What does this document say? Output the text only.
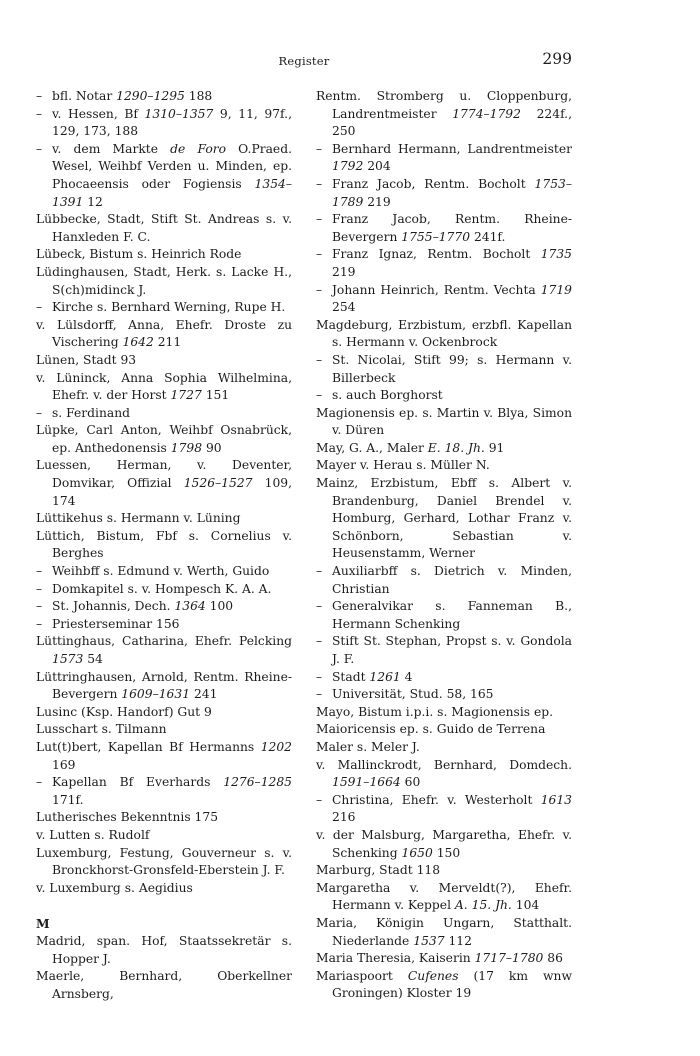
Register	299
– bfl. Notar 1290–1295 188
– v. Hessen, Bf 1310–1357 9, 11, 97f., 129, 173, 188
– v. dem Markte de Foro O.Praed. Wesel, Weihbf Verden u. Minden, ep. Phocaeensis oder Fogiensis 1354–1391 12
Lübbecke, Stadt, Stift St. Andreas s. v. Hanxleden F. C.
Lübeck, Bistum s. Heinrich Rode
Lüdinghausen, Stadt, Herk. s. Lacke H., S(ch)midinck J.
– Kirche s. Bernhard Werning, Rupe H.
v. Lülsdorff, Anna, Ehefr. Droste zu Vischering 1642 211
Lünen, Stadt 93
v. Lüninck, Anna Sophia Wilhelmina, Ehefr. v. der Horst 1727 151
– s. Ferdinand
Lüpke, Carl Anton, Weihbf Osnabrück, ep. Anthedonensis 1798 90
Luessen, Herman, v. Deventer, Domvikar, Offizial 1526–1527 109, 174
Lüttikehus s. Hermann v. Lüning
Lüttich, Bistum, Fbf s. Cornelius v. Berghes
– Weihbff s. Edmund v. Werth, Guido
– Domkapitel s. v. Hompesch K. A. A.
– St. Johannis, Dech. 1364 100
– Priesterseminar 156
Lüttinghaus, Catharina, Ehefr. Pelcking 1573 54
Lüttringhausen, Arnold, Rentm. Rheine-Bevergern 1609–1631 241
Lusinc (Ksp. Handorf) Gut 9
Lusschart s. Tilmann
Lut(t)bert, Kapellan Bf Hermanns 1202 169
– Kapellan Bf Everhards 1276–1285 171f.
Lutherisches Bekenntnis 175
v. Lutten s. Rudolf
Luxemburg, Festung, Gouverneur s. v. Bronckhorst-Gronsfeld-Eberstein J. F.
v. Luxemburg s. Aegidius
M
Madrid, span. Hof, Staatssekretär s. Hopper J.
Maerle, Bernhard, Oberkellner Arnsberg,
Rentm. Stromberg u. Cloppenburg, Landrentmeister 1774–1792 224f., 250
– Bernhard Hermann, Landrentmeister 1792 204
– Franz Jacob, Rentm. Bocholt 1753–1789 219
– Franz Jacob, Rentm. Rheine-Bevergern 1755–1770 241f.
– Franz Ignaz, Rentm. Bocholt 1735 219
– Johann Heinrich, Rentm. Vechta 1719 254
Magdeburg, Erzbistum, erzbfl. Kapellan s. Hermann v. Ockenbrock
– St. Nicolai, Stift 99; s. Hermann v. Billerbeck
– s. auch Borghorst
Magionensis ep. s. Martin v. Blya, Simon v. Düren
May, G. A., Maler E. 18. Jh. 91
Mayer v. Herau s. Müller N.
Mainz, Erzbistum, Ebff s. Albert v. Brandenburg, Daniel Brendel v. Homburg, Gerhard, Lothar Franz v. Schönborn, Sebastian v. Heusenstamm, Werner
– Auxiliarbff s. Dietrich v. Minden, Christian
– Generalvikar s. Fanneman B., Hermann Schenking
– Stift St. Stephan, Propst s. v. Gondola J. F.
– Stadt 1261 4
– Universität, Stud. 58, 165
Mayo, Bistum i.p.i. s. Magionensis ep.
Maioricensis ep. s. Guido de Terrena
Maler s. Meler J.
v. Mallinckrodt, Bernhard, Domdech. 1591–1664 60
– Christina, Ehefr. v. Westerholt 1613 216
v. der Malsburg, Margaretha, Ehefr. v. Schenking 1650 150
Marburg, Stadt 118
Margaretha v. Merveldt(?), Ehefr. Hermann v. Keppel A. 15. Jh. 104
Maria, Königin Ungarn, Statthalt. Niederlande 1537 112
Maria Theresia, Kaiserin 1717–1780 86
Mariaspoort Cufenes (17 km wnw Groningen) Kloster 19
